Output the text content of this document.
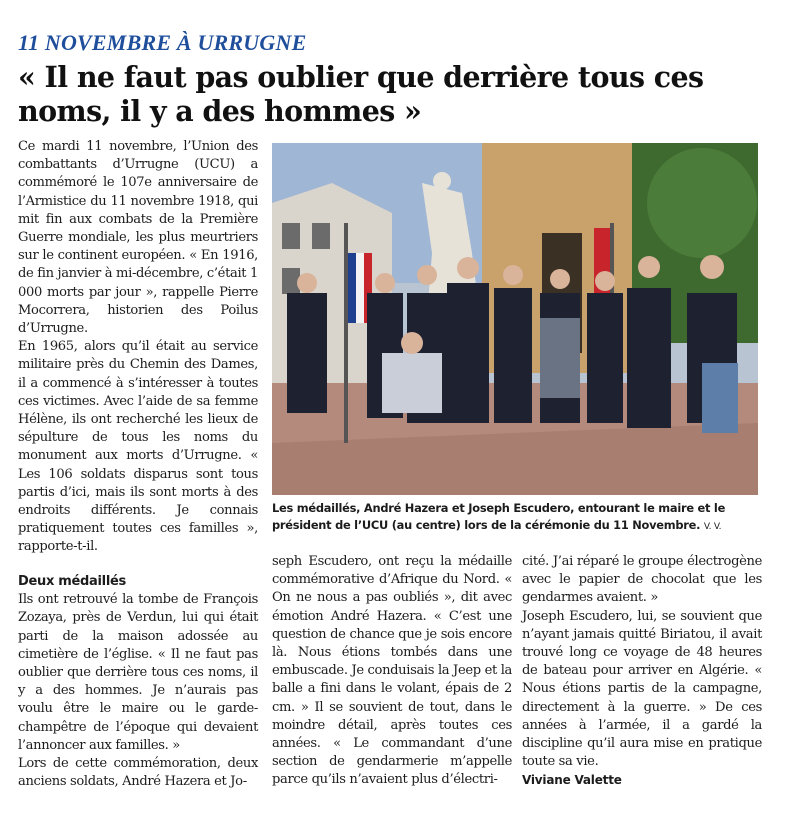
11 NOVEMBRE À URRUGNE
« Il ne faut pas oublier que derrière tous ces noms, il y a des hommes »

Ce mardi 11 novembre, l’Union des combattants d’Urrugne (UCU) a commémoré le 107e anniversaire de l’Armistice du 11 novembre 1918, qui mit fin aux combats de la Première Guerre mondiale, les plus meurtriers sur le continent européen. « En 1916, de fin janvier à mi-décembre, c’était 1 000 morts par jour », rappelle Pierre Mocorrera, historien des Poilus d’Urrugne.

En 1965, alors qu’il était au service militaire près du Chemin des Dames, il a commencé à s’intéresser à toutes ces victimes. Avec l’aide de sa femme Hélène, ils ont recherché les lieux de sépulture de tous les noms du monument aux morts d’Urrugne. « Les 106 soldats disparus sont tous partis d’ici, mais ils sont morts à des endroits différents. Je connais pratiquement toutes ces familles », rapporte-t-il.

Les médaillés, André Hazera et Joseph Escudero, entourant le maire et le président de l’UCU (au centre) lors de la cérémonie du 11 Novembre. V. V.

Deux médaillés

Ils ont retrouvé la tombe de François Zozaya, près de Verdun, lui qui était parti de la maison adossée au cimetière de l’église. « Il ne faut pas oublier que derrière tous ces noms, il y a des hommes. Je n’aurais pas voulu être le maire ou le garde-champêtre de l’époque qui devaient l’annoncer aux familles. »

Lors de cette commémoration, deux anciens soldats, André Hazera et Jo-

seph Escudero, ont reçu la médaille commémorative d’Afrique du Nord. « On ne nous a pas oubliés », dit avec émotion André Hazera. « C’est une question de chance que je sois encore là. Nous étions tombés dans une embuscade. Je conduisais la Jeep et la balle a fini dans le volant, épais de 2 cm. » Il se souvient de tout, dans le moindre détail, après toutes ces années. « Le commandant d’une section de gendarmerie m’appelle parce qu’ils n’avaient plus d’électri-

cité. J’ai réparé le groupe électrogène avec le papier de chocolat que les gendarmes avaient. »

Joseph Escudero, lui, se souvient que n’ayant jamais quitté Biriatou, il avait trouvé long ce voyage de 48 heures de bateau pour arriver en Algérie. « Nous étions partis de la campagne, directement à la guerre. » De ces années à l’armée, il a gardé la discipline qu’il aura mise en pratique toute sa vie.

Viviane Valette
